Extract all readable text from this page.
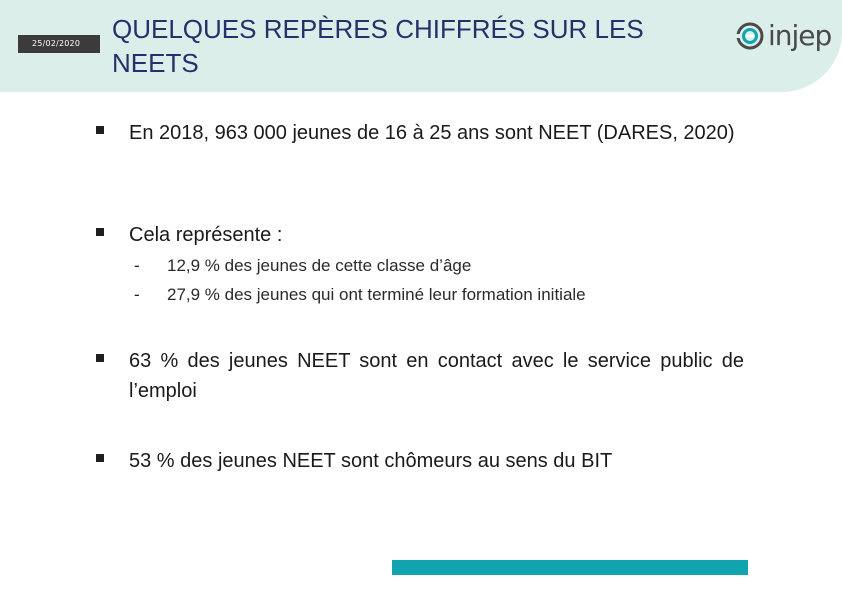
25/02/2020 QUELQUES REPÈRES CHIFFRÉS SUR LES NEETS
injep
En 2018, 963 000 jeunes de 16 à 25 ans sont NEET (DARES, 2020)
Cela représente :
- 12,9 % des jeunes de cette classe d’âge
- 27,9 % des jeunes qui ont terminé leur formation initiale
63 % des jeunes NEET sont en contact avec le service public de l’emploi
53 % des jeunes NEET sont chômeurs au sens du BIT
